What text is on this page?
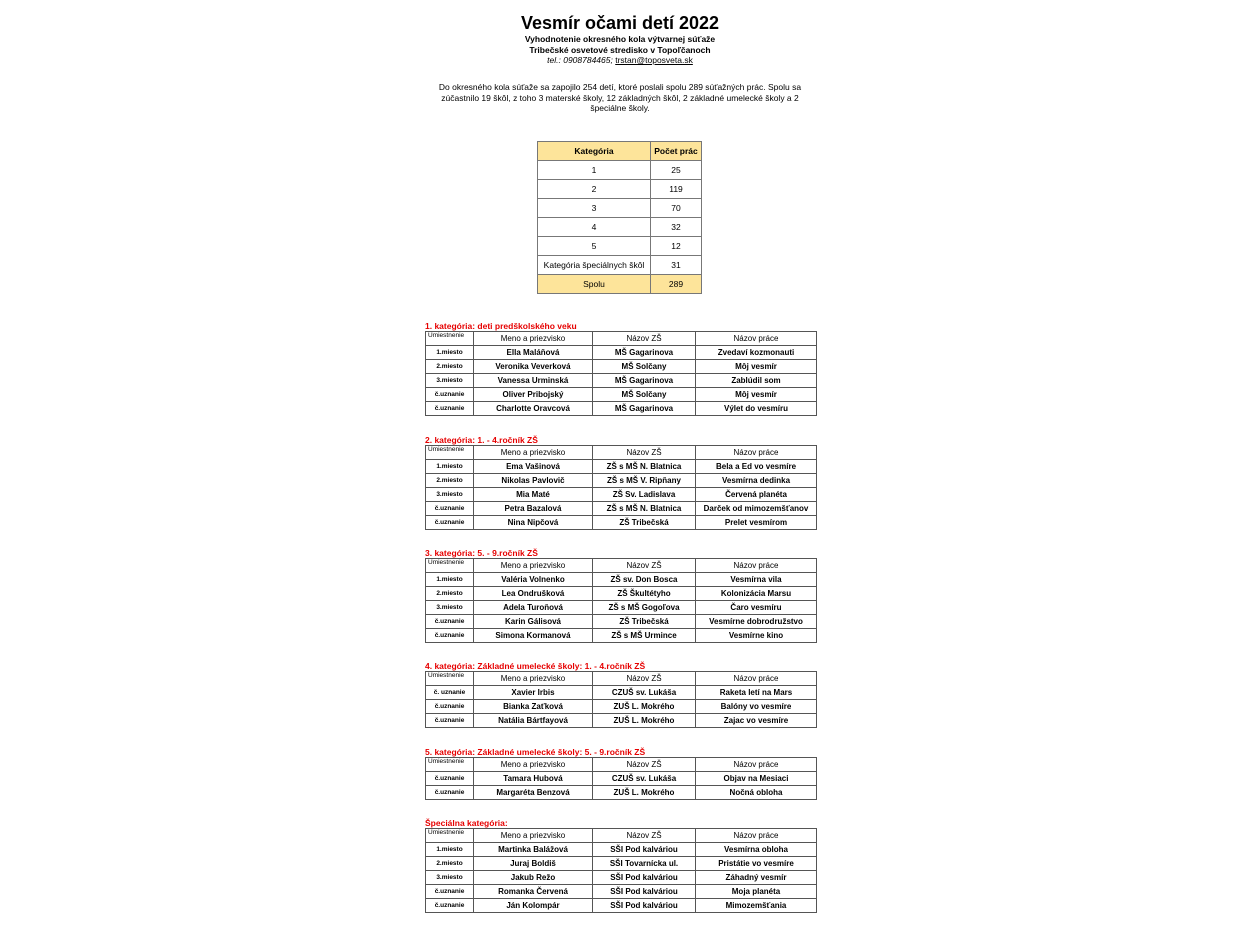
Vesmír očami detí 2022
Vyhodnotenie okresného kola výtvarnej súťaže
Tribečské osvetové stredisko v Topoľčanoch
tel.: 0908784465; trstan@toposveta.sk
Do okresného kola súťaže sa zapojilo 254 detí, ktoré poslali spolu 289 súťažných prác. Spolu sa zúčastnilo 19 škôl, z toho 3 materské školy, 12 základných škôl, 2 základné umelecké školy a 2 špeciálne školy.
Kategória	Počet prác
1	25
2	119
3	70
4	32
5	12
Kategória špeciálnych škôl	31
Spolu	289
1. kategória: deti predškolského veku
Umiestnenie	Meno a priezvisko	Názov ZŠ	Názov práce
1.miesto	Ella Maláňová	MŠ Gagarinova	Zvedaví kozmonauti
2.miesto	Veronika Veverková	MŠ Solčany	Môj vesmír
3.miesto	Vanessa Urminská	MŠ Gagarinova	Zablúdil som
č.uznanie	Oliver Pribojský	MŠ Solčany	Môj vesmír
č.uznanie	Charlotte Oravcová	MŠ Gagarinova	Výlet do vesmíru
2. kategória: 1. - 4.ročník ZŠ
Umiestnenie	Meno a priezvisko	Názov ZŠ	Názov práce
1.miesto	Ema Vašinová	ZŠ s MŠ N. Blatnica	Bela a Ed vo vesmíre
2.miesto	Nikolas Pavlovič	ZŠ s MŠ V. Ripňany	Vesmírna dedinka
3.miesto	Mia Maté	ZŠ Sv. Ladislava	Červená planéta
č.uznanie	Petra Bazalová	ZŠ s MŠ N. Blatnica	Darček od mimozemšťanov
č.uznanie	Nina Nipčová	ZŠ Tribečská	Prelet vesmírom
3. kategória: 5. - 9.ročník ZŠ
Umiestnenie	Meno a priezvisko	Názov ZŠ	Názov práce
1.miesto	Valéria Volnenko	ZŠ sv. Don Bosca	Vesmírna vila
2.miesto	Lea Ondrušková	ZŠ Škultétyho	Kolonizácia Marsu
3.miesto	Adela Turoňová	ZŠ s MŠ Gogoľova	Čaro vesmíru
č.uznanie	Karin Gálisová	ZŠ Tribečská	Vesmírne dobrodružstvo
č.uznanie	Simona Kormanová	ZŠ s MŠ Urmince	Vesmírne kino
4. kategória: Základné umelecké školy: 1. - 4.ročník ZŠ
Umiestnenie	Meno a priezvisko	Názov ZŠ	Názov práce
č. uznanie	Xavier Irbis	CZUŠ sv. Lukáša	Raketa letí na Mars
č.uznanie	Bianka Zaťková	ZUŠ L. Mokrého	Balóny vo vesmíre
č.uznanie	Natália Bártfayová	ZUŠ L. Mokrého	Zajac vo vesmíre
5. kategória: Základné umelecké školy: 5. - 9.ročník ZŠ
Umiestnenie	Meno a priezvisko	Názov ZŠ	Názov práce
č.uznanie	Tamara Hubová	CZUŠ sv. Lukáša	Objav na Mesiaci
č.uznanie	Margaréta Benzová	ZUŠ L. Mokrého	Nočná obloha
Špeciálna kategória:
Umiestnenie	Meno a priezvisko	Názov ZŠ	Názov práce
1.miesto	Martinka Balážová	SŠI Pod kalváriou	Vesmírna obloha
2.miesto	Juraj Boldiš	SŠI Tovarnícka ul.	Pristátie vo vesmíre
3.miesto	Jakub Režo	SŠI Pod kalváriou	Záhadný vesmír
č.uznanie	Romanka Červená	SŠI Pod kalváriou	Moja planéta
č.uznanie	Ján Kolompár	SŠI Pod kalváriou	Mimozemšťania
